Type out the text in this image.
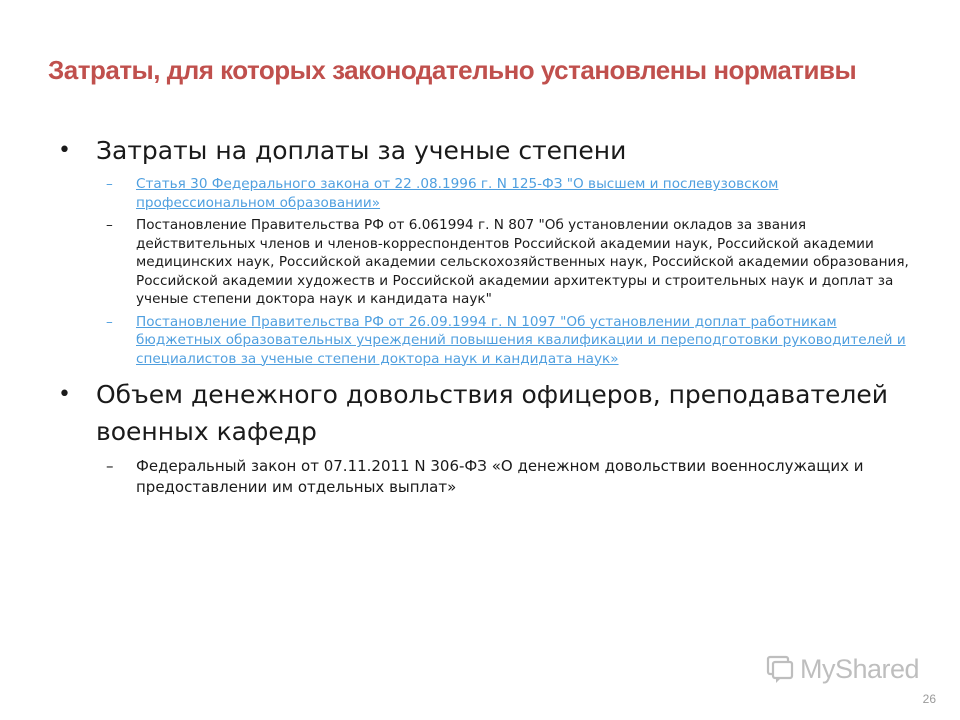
Затраты, для которых законодательно установлены нормативы
• Затраты на доплаты за ученые степени
– Статья 30 Федерального закона от 22 .08.1996 г. N 125-ФЗ "О высшем и послевузовском профессиональном образовании»
– Постановление Правительства РФ от 6.061994 г. N 807 "Об установлении окладов за звания действительных членов и членов-корреспондентов Российской академии наук, Российской академии медицинских наук, Российской академии сельскохозяйственных наук, Российской академии образования, Российской академии художеств и Российской академии архитектуры и строительных наук и доплат за ученые степени доктора наук и кандидата наук"
– Постановление Правительства РФ от 26.09.1994 г. N 1097 "Об установлении доплат работникам бюджетных образовательных учреждений повышения квалификации и переподготовки руководителей и специалистов за ученые степени доктора наук и кандидата наук»
• Объем денежного довольствия офицеров, преподавателей военных кафедр
– Федеральный закон от 07.11.2011 N 306-ФЗ «О денежном довольствии военнослужащих и предоставлении им отдельных выплат»
MyShared
26
